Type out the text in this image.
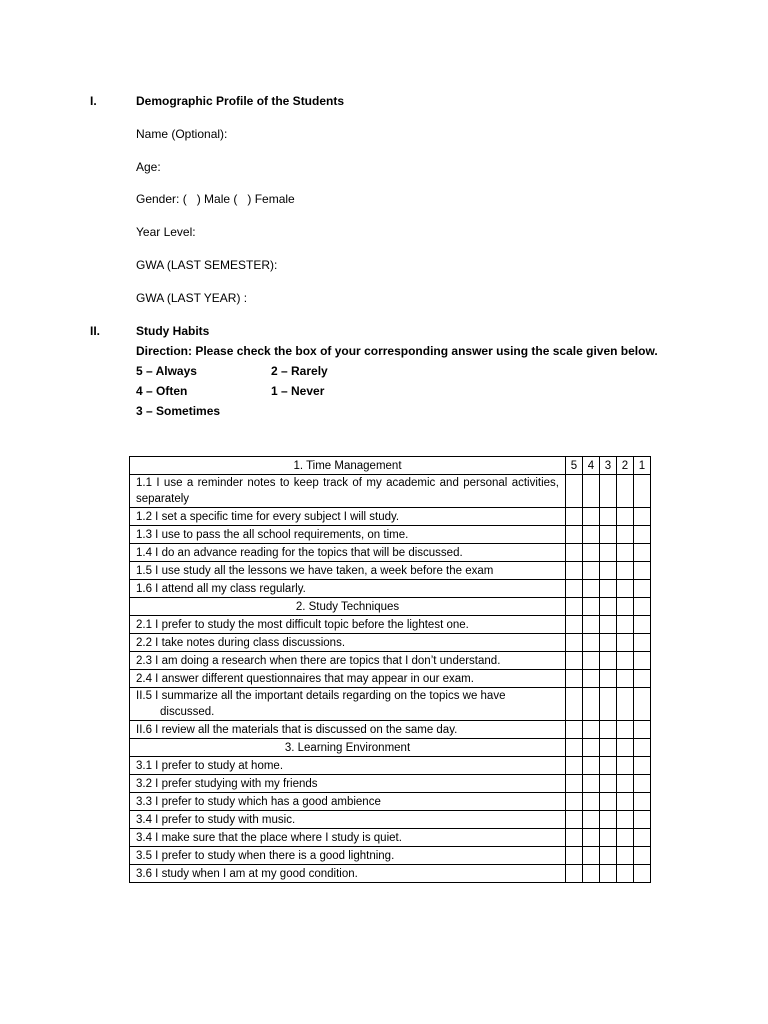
I.	Demographic Profile of the Students
Name (Optional):
Age:
Gender: (   ) Male (   ) Female
Year Level:
GWA (LAST SEMESTER):
GWA (LAST YEAR) :
II.	Study Habits
Direction: Please check the box of your corresponding answer using the scale given below.
5 – Always	2 – Rarely
4 – Often	1 – Never
3 – Sometimes
1. Time Management	5	4	3	2	1
1.1 I use a reminder notes to keep track of my academic and personal activities, separately					
1.2 I set a specific time for every subject I will study.					
1.3 I use to pass the all school requirements, on time.					
1.4 I do an advance reading for the topics that will be discussed.					
1.5 I use study all the lessons we have taken, a week before the exam					
1.6 I attend all my class regularly.					
2. Study Techniques					
2.1 I prefer to study the most difficult topic before the lightest one.					
2.2 I take notes during class discussions.					
2.3 I am doing a research when there are topics that I don’t understand.					
2.4 I answer different questionnaires that may appear in our exam.					
II.5 I summarize all the important details regarding on the topics we have
discussed.					

II.6 I review all the materials that is discussed on the same day.					
3. Learning Environment					
3.1 I prefer to study at home.					
3.2 I prefer studying with my friends					
3.3 I prefer to study which has a good ambience					
3.4 I prefer to study with music.					
3.4 I make sure that the place where I study is quiet.					
3.5 I prefer to study when there is a good lightning.					
3.6 I study when I am at my good condition.					
